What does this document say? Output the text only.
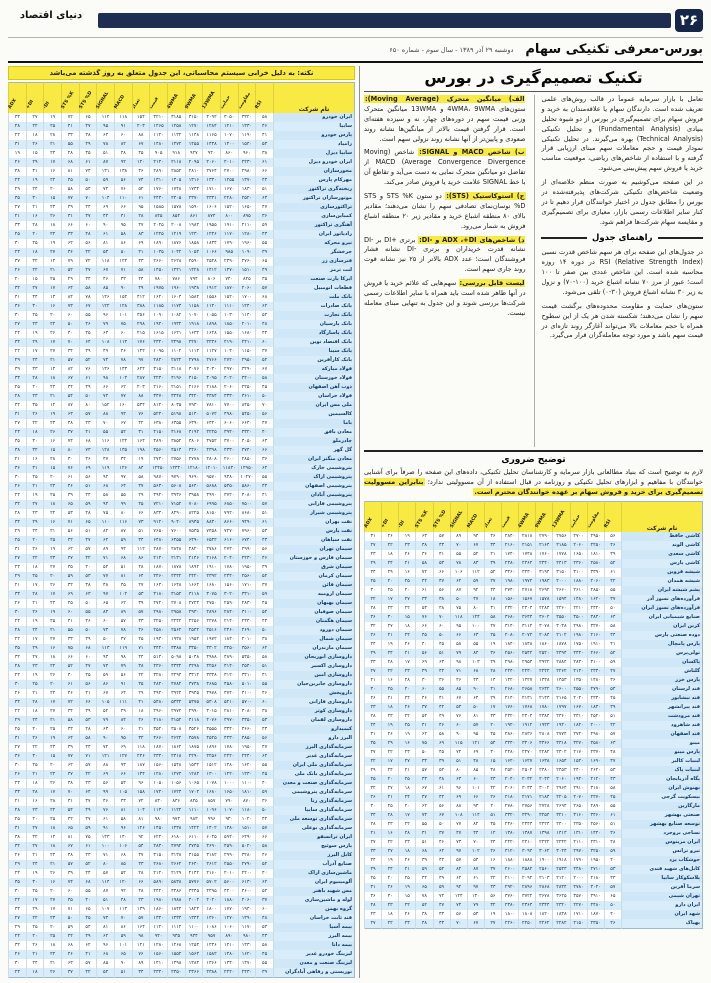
دنیای اقتصاد	۲۶
بورس-معرفی تکنیکی سهام
دوشنبه ۲۹ آذر ۱۳۸۹ - سال سوم - شماره ۶۵۰
نکته: به دلیل خرابی سیستم محاسباتی، این جدول متعلق به روز گذشته می‌باشد
ADX	+DI	-DI	STS %K	STS %D	SIGNAL	MACD	تعداد	قیمت	4WMA	9WMA	13WMA	حمایت	مقاومت	RSI	نام شرکت
۳۴	۲۷	۱۹	۷۲	۶۵	۱۱۲	۱۱۸	۱۵۴	۳۲۱۰	۳۱۸۵	۳۱۵۰	۳۰۹۲	۳۰۵۰	۳۳۲۰	۵۸	ایران خودرو
۲۸	۲۲	۲۵	۴۱	۴۷	۹۵	۹۱	۲۰۳	۱۲۶۵	۱۲۵۸	۱۲۷۰	۱۲۸۴	۱۲۱۰	۱۳۳۰	۴۶	سایپا
۲۲	۱۸	۲۸	۳۳	۳۸	۶۴	۶۰	۸۸	۱۱۲۰	۱۱۳۲	۱۱۴۸	۱۱۶۵	۱۰۷۰	۱۱۹۰	۴۱	پارس خودرو
۳۱	۲۶	۲۱	۵۵	۴۹	۷۸	۸۲	۶۷	۱۴۸۰	۱۴۷۲	۱۴۵۵	۱۴۳۸	۱۴۰۰	۱۵۴۰	۵۳	زامیاد
۱۹	۱۵	۲۴	۲۸	۳۵	۵۱	۴۸	۴۵	۹۰۵	۹۱۸	۹۲۷	۹۴۰	۸۶۰	۹۶۰	۳۸	سایپا دیزل
۲۶	۲۹	۱۷	۶۸	۶۱	۸۷	۹۲	۱۲۰	۲۱۴۰	۲۱۱۸	۲۰۹۵	۲۰۶۰	۲۰۱۰	۲۲۳۰	۶۱	ایران خودرو دیزل
۳۸	۳۱	۱۶	۸۱	۷۴	۱۳۱	۱۳۸	۳۶	۲۸۹۰	۲۸۵۲	۲۸۱۰	۲۷۶۴	۲۷۰۰	۲۹۸۰	۶۶	محورسازان
۲۴	۱۹	۲۲	۴۵	۵۰	۵۹	۵۶	۷۴	۱۳۱۰	۱۳۰۵	۱۳۱۶	۱۳۳۰	۱۲۵۵	۱۳۷۰	۴۴	مهرکام پارس
۲۹	۲۴	۲۰	۵۸	۵۴	۷۲	۷۶	۵۲	۱۷۶۰	۱۷۴۸	۱۷۳۲	۱۷۱۰	۱۶۷۰	۱۸۳۰	۵۱	ریخته‌گری تراکتور
۳۵	۳۰	۱۵	۷۷	۷۰	۱۰۴	۱۱۰	۶۱	۲۴۳۰	۲۴۰۵	۲۳۷۰	۲۳۳۱	۲۲۸۰	۲۵۲۰	۶۳	موتورسازان تراکتور
۲۷	۲۱	۲۳	۴۹	۴۴	۶۹	۶۶	۹۵	۱۵۸۵	۱۵۷۸	۱۵۹۰	۱۶۰۶	۱۵۲۰	۱۶۵۰	۴۷	تراکتورسازی
۲۱	۱۶	۲۶	۳۱	۳۷	۴۴	۴۱	۲۸	۸۴۵	۸۵۲	۸۶۱	۸۷۴	۸۰۰	۸۹۵	۳۶	کمباین‌سازی
۳۳	۲۸	۱۸	۶۶	۶۰	۹۰	۹۵	۴۷	۲۰۲۵	۲۰۰۸	۱۹۸۴	۱۹۵۵	۱۹۱۰	۲۱۱۰	۵۹	آهنگری تراکتور
۲۵	۲۰	۲۴	۴۳	۴۸	۶۱	۵۸	۸۳	۱۲۲۵	۱۲۱۹	۱۲۳۰	۱۲۴۶	۱۱۷۰	۱۲۸۰	۴۳	رادیاتور ایران
۳۰	۲۵	۱۹	۶۲	۵۶	۸۱	۸۶	۶۹	۱۸۹۰	۱۸۷۶	۱۸۵۸	۱۸۳۴	۱۷۹۰	۱۹۶۰	۵۵	نیرو محرکه
۲۳	۱۸	۲۷	۳۶	۴۲	۵۳	۵۰	۴۱	۱۰۳۵	۱۰۴۲	۱۰۵۲	۱۰۶۶	۹۸۵	۱۰۹۰	۳۹	چرخشگر
۳۷	۳۲	۱۴	۷۹	۷۲	۱۱۸	۱۲۴	۳۳	۲۶۶۰	۲۶۲۸	۲۵۹۰	۲۵۴۸	۲۴۹۰	۲۷۶۰	۶۵	فنرسازی زر
۲۶	۲۲	۲۱	۵۲	۴۷	۶۷	۷۱	۵۸	۱۴۵۰	۱۴۴۱	۱۴۲۸	۱۴۱۲	۱۳۷۰	۱۵۱۰	۴۹	لنت ترمز
۲۰	۱۵	۲۵	۲۹	۳۴	۴۶	۴۳	۲۴	۷۸۰	۷۸۶	۷۹۴	۸۰۶	۷۴۰	۸۲۵	۳۵	ایرکا پارت صنعت
۳۲	۲۷	۱۷	۶۴	۵۸	۸۵	۹۰	۴۹	۱۹۷۵	۱۹۶۰	۱۹۳۸	۱۹۱۲	۱۸۷۰	۲۰۶۰	۵۷	قطعات اتومبیل
۴۱	۳۴	۱۳	۸۴	۷۸	۱۴۶	۱۵۴	۴۱۲	۱۶۲۰	۱۶۰۴	۱۵۸۲	۱۵۵۶	۱۵۲۰	۱۷۰۰	۶۸	بانک ملت
۳۶	۳۰	۱۶	۷۳	۶۷	۱۲۲	۱۲۸	۳۸۸	۱۱۸۵	۱۱۷۴	۱۱۵۸	۱۱۴۰	۱۱۱۰	۱۲۴۰	۶۲	بانک صادرات
۳۰	۲۵	۲۰	۶۰	۵۵	۹۶	۱۰۱	۳۵۶	۱۰۹۰	۱۰۸۲	۱۰۷۰	۱۰۵۵	۱۰۳۰	۱۱۴۰	۵۴	بانک تجارت
۲۷	۲۳	۲۲	۵۰	۴۶	۷۹	۷۵	۲۹۸	۱۹۴۰	۱۹۳۲	۱۹۱۸	۱۸۹۸	۱۸۵۰	۲۰۱۰	۴۸	بانک پارسیان
۲۴	۱۹	۲۶	۴۰	۴۵	۶۳	۶۰	۲۱۵	۱۶۱۵	۱۶۲۱	۱۶۳۲	۱۶۴۸	۱۵۵۰	۱۶۸۰	۴۲	بانک پاسارگاد
۳۴	۲۹	۱۷	۷۰	۶۴	۱۰۸	۱۱۴	۱۷۶	۲۳۲۰	۲۲۹۸	۲۲۷۰	۲۲۳۶	۲۱۹۰	۲۴۱۰	۶۰	بانک اقتصاد نوین
۲۲	۱۷	۲۷	۳۴	۳۹	۴۹	۴۶	۱۴۲	۱۰۹۵	۱۱۰۲	۱۱۱۲	۱۱۲۷	۱۰۴۰	۱۱۵۰	۳۷	بانک سینا
۲۹	۲۴	۲۱	۵۷	۵۲	۷۴	۷۸	۹۷	۲۸۴۰	۲۸۲۲	۲۷۹۸	۲۷۶۶	۲۷۲۰	۲۹۵۰	۵۲	بانک کارآفرین
۳۹	۳۳	۱۴	۸۲	۷۶	۱۳۶	۱۴۳	۶۲۴	۳۱۵۰	۳۱۱۸	۳۰۷۶	۳۰۳۰	۲۹۷۰	۳۲۹۰	۶۷	فولاد مبارکه
۳۳	۲۸	۱۸	۶۷	۶۱	۹۸	۱۰۴	۲۸۷	۴۲۳۰	۴۱۹۶	۴۱۵۰	۴۰۹۵	۴۰۲۰	۴۴۰۰	۵۸	فولاد خوزستان
۲۵	۲۰	۲۴	۴۴	۴۹	۶۶	۶۲	۲۰۳	۲۱۶۰	۲۱۵۱	۲۱۶۶	۲۱۸۸	۲۰۶۰	۲۲۵۰	۴۵	ذوب آهن اصفهان
۲۸	۲۳	۲۱	۵۴	۵۰	۷۲	۷۷	۸۸	۳۴۷۰	۳۴۴۸	۳۴۲۰	۳۳۸۴	۳۳۳۰	۳۶۱۰	۵۰	فولاد خراسان
۴۲	۳۵	۱۲	۸۷	۸۰	۱۵۲	۱۶۰	۵۳۴	۸۱۲۰	۸۰۳۵	۷۹۳۰	۷۸۱۰	۷۷۰۰	۸۴۵۰	۷۰	ملی مس ایران
۳۱	۲۶	۱۹	۶۳	۵۷	۸۸	۹۳	۷۶	۵۲۴۰	۵۱۹۸	۵۱۴۰	۵۰۷۲	۴۹۸۰	۵۴۵۰	۵۶	کالسیمین
۲۷	۲۲	۲۳	۴۸	۴۳	۷۰	۶۷	۴۲	۶۳۸۰	۶۳۵۵	۶۳۹۰	۶۴۴۰	۶۰۶۰	۶۶۴۰	۴۷	باما
۲۳	۱۸	۲۶	۳۷	۴۱	۵۵	۵۲	۳۱	۴۱۵۰	۴۱۶۸	۴۱۹۲	۴۲۲۵	۳۹۴۰	۴۳۲۰	۴۰	معادن بافق
۳۵	۳۰	۱۶	۷۴	۶۸	۱۱۶	۱۲۲	۱۶۴	۳۸۹۰	۳۸۵۲	۳۸۰۶	۳۷۵۲	۳۷۰۰	۴۰۵۰	۶۳	چادرملو
۳۸	۳۲	۱۵	۸۰	۷۳	۱۲۸	۱۳۵	۱۹۸	۴۵۶۰	۴۵۱۴	۴۴۶۰	۴۳۹۸	۴۳۳۰	۴۷۴۰	۶۶	گل گهر
۲۱	۱۶	۲۸	۳۰	۳۶	۴۷	۴۴	۱۹	۲۷۴۰	۲۷۵۶	۲۷۷۸	۲۸۰۸	۲۶۰۰	۲۸۵۰	۳۶	معادن منگنز ایران
۳۶	۳۱	۱۵	۷۶	۶۹	۱۱۹	۱۲۶	۸۴	۱۲۴۵۰	۱۲۳۲۰	۱۲۱۸۰	۱۲۰۱۰	۱۱۸۳۰	۱۲۹۵۰	۶۴	پتروشیمی خارک
۳۰	۲۵	۲۰	۶۱	۵۶	۹۲	۹۷	۵۸	۹۸۷۰	۹۷۹۰	۹۶۹۰	۹۵۷۰	۹۳۸۰	۱۰۲۷۰	۵۵	پتروشیمی اراک
۲۶	۲۱	۲۴	۴۶	۵۱	۶۸	۶۴	۳۷	۵۶۳۰	۵۶۰۸	۵۶۴۰	۵۶۸۸	۵۳۵۰	۵۸۶۰	۴۴	پتروشیمی اصفهان
۲۴	۱۹	۲۵	۳۹	۴۴	۵۸	۵۵	۲۹	۳۹۲۰	۳۹۳۶	۳۹۵۸	۳۹۹۰	۳۷۲۰	۴۰۸۰	۴۱	پتروشیمی آبادان
۳۲	۲۷	۱۸	۶۵	۵۹	۹۴	۹۹	۴۵	۷۲۱۰	۷۱۵۲	۷۰۸۰	۶۹۹۵	۶۸۵۰	۷۵۰۰	۵۷	پتروشیمی فارابی
۲۸	۲۳	۲۲	۵۳	۴۸	۷۵	۸۰	۶۶	۸۳۴۰	۸۲۹۰	۸۲۲۵	۸۱۵۰	۷۹۲۰	۸۶۸۰	۵۱	پتروشیمی شیراز
۳۴	۲۹	۱۶	۷۱	۶۵	۱۱۰	۱۱۶	۷۳	۹۱۲۰	۹۰۴۰	۸۹۴۵	۸۸۳۰	۸۶۶۰	۹۴۹۰	۶۱	نفت بهران
۲۹	۲۴	۲۱	۵۶	۵۱	۸۲	۸۷	۵۱	۷۶۵۰	۷۶۰۰	۷۵۳۵	۷۴۵۸	۷۲۷۰	۷۹۶۰	۵۳	نفت پارس
۲۵	۲۰	۲۵	۴۲	۴۷	۶۲	۵۹	۳۴	۶۴۸۰	۶۴۵۵	۶۴۹۰	۶۵۴۲	۶۱۶۰	۶۷۴۰	۴۳	نفت سپاهان
۳۱	۲۶	۱۹	۶۲	۵۷	۸۹	۹۴	۱۱۲	۲۸۷۰	۲۸۴۸	۲۸۲۰	۲۷۸۶	۲۷۳۰	۲۹۹۰	۵۶	سیمان تهران
۲۷	۲۲	۲۳	۴۷	۴۲	۷۱	۶۸	۸۶	۲۱۴۰	۲۱۳۱	۲۱۴۶	۲۱۶۸	۲۰۴۰	۲۲۳۰	۴۶	سیمان فارس و خوزستان
۲۳	۱۸	۲۷	۳۵	۴۰	۵۴	۵۱	۴۸	۱۸۷۰	۱۸۷۸	۱۸۹۲	۱۹۱۰	۱۷۸۰	۱۹۵۰	۳۹	سیمان شرق
۲۹	۲۵	۲۰	۵۹	۵۳	۷۷	۸۱	۶۴	۲۴۶۰	۲۴۴۲	۲۴۲۰	۲۳۹۲	۲۳۴۰	۲۵۶۰	۵۲	سیمان کرمان
۲۱	۱۷	۲۶	۳۲	۳۸	۴۸	۴۵	۲۷	۱۶۴۰	۱۶۴۸	۱۶۶۲	۱۶۸۰	۱۵۶۰	۱۷۱۰	۳۷	سیمان قائن
۳۳	۲۸	۱۷	۶۹	۶۳	۹۷	۱۰۲	۵۳	۳۱۸۰	۳۱۵۲	۳۱۱۸	۳۰۷۵	۳۰۲۰	۳۳۱۰	۵۹	سیمان ارومیه
۲۶	۲۱	۲۴	۴۵	۵۰	۶۵	۶۲	۳۹	۲۷۲۰	۲۷۰۸	۲۷۲۴	۲۷۵۰	۲۵۹۰	۲۸۳۰	۴۵	سیمان بهبهان
۳۰	۲۶	۱۹	۶۰	۵۵	۸۴	۸۹	۵۷	۲۹۸۰	۲۹۵۸	۲۹۳۰	۲۸۹۶	۲۸۴۰	۳۱۰۰	۵۴	سیمان صوفیان
۲۴	۱۹	۲۵	۴۱	۴۶	۶۰	۵۷	۳۳	۲۲۵۰	۲۲۴۲	۲۲۵۶	۲۲۷۸	۲۱۴۰	۲۳۴۰	۴۲	سیمان هگمتان
۲۸	۲۴	۲۱	۵۵	۵۰	۷۳	۷۸	۴۶	۲۵۸۰	۲۵۶۲	۲۵۴۲	۲۵۱۶	۲۴۶۰	۲۶۹۰	۵۰	سیمان دورود
۲۲	۱۷	۲۷	۳۳	۳۹	۵۰	۴۷	۲۵	۱۹۳۰	۱۹۳۸	۱۹۵۲	۱۹۷۲	۱۸۴۰	۲۰۱۰	۳۸	سیمان شمال
۳۵	۲۹	۱۶	۷۵	۶۸	۱۱۳	۱۱۹	۷۱	۳۴۲۰	۳۳۸۸	۳۳۵۰	۳۳۰۲	۳۲۵۰	۳۵۶۰	۶۲	سیمان مازندران
۳۲	۲۷	۱۸	۶۶	۶۰	۹۳	۹۸	۴۴	۵۱۴۰	۵۰۹۸	۵۰۴۸	۴۹۸۸	۴۸۹۰	۵۳۵۰	۵۸	داروسازی ابوریحان
۲۸	۲۳	۲۲	۵۲	۴۷	۷۴	۷۹	۳۸	۴۳۶۰	۴۳۳۲	۴۲۹۸	۴۲۵۶	۴۱۴۰	۴۵۴۰	۵۱	داروسازی اکسیر
۲۴	۱۹	۲۶	۴۰	۴۵	۵۹	۵۶	۲۲	۳۲۸۰	۳۲۹۴	۳۳۱۲	۳۳۳۸	۳۱۲۰	۳۴۱۰	۴۱	داروسازی امین
۳۰	۲۵	۲۰	۶۱	۵۶	۸۶	۹۱	۳۵	۴۸۲۰	۴۷۸۲	۴۷۳۸	۴۶۸۵	۴۵۸۰	۵۰۱۰	۵۵	داروسازی جابربن‌حیان
۲۶	۲۱	۲۴	۴۶	۴۱	۶۷	۶۴	۲۹	۳۹۴۰	۳۹۲۴	۳۹۴۵	۳۹۷۸	۳۷۴۰	۴۱۰۰	۴۶	داروپخش
۳۴	۲۸	۱۷	۷۲	۶۶	۱۰۵	۱۱۱	۴۱	۵۴۸۰	۵۴۳۲	۵۳۷۵	۵۳۰۸	۵۲۱۰	۵۷۰۰	۶۰	داروسازی فارابی
۲۲	۱۸	۲۷	۳۴	۳۹	۵۲	۴۹	۱۸	۲۹۶۰	۲۹۷۲	۲۹۹۰	۳۰۱۵	۲۸۱۰	۳۰۸۰	۳۸	داروسازی کوثر
۲۹	۲۴	۲۱	۵۸	۵۳	۷۹	۸۴	۲۶	۴۱۸۰	۴۱۵۲	۴۱۱۸	۴۰۷۶	۳۹۷۰	۴۳۵۰	۵۳	داروسازی لقمان
۲۵	۲۰	۲۵	۴۳	۴۸	۶۳	۶۰	۲۱	۳۵۲۰	۳۵۰۸	۳۵۲۶	۳۵۵۵	۳۳۴۰	۳۶۶۰	۴۳	کیمیدارو
۳۱	۲۶	۱۹	۶۴	۵۸	۹۰	۹۵	۳۲	۴۶۶۰	۴۶۲۲	۴۵۷۸	۴۵۲۵	۴۴۳۰	۴۸۵۰	۵۶	البرز دارو
۲۷	۲۲	۲۳	۴۹	۴۴	۷۲	۶۹	۱۱۸	۱۸۷۰	۱۸۶۲	۱۸۷۵	۱۸۹۶	۱۷۸۰	۱۹۵۰	۴۷	سرمایه‌گذاری البرز
۳۶	۳۰	۱۵	۷۷	۷۱	۱۲۱	۱۲۷	۲۴۶	۲۳۴۰	۲۳۱۸	۲۲۹۰	۲۲۵۶	۲۲۲۰	۲۴۴۰	۶۴	سرمایه‌گذاری غدیر
۳۰	۲۵	۲۰	۶۲	۵۷	۸۸	۹۳	۱۸۷	۱۵۶۰	۱۵۴۸	۱۵۳۲	۱۵۱۲	۱۴۸۰	۱۶۲۰	۵۵	سرمایه‌گذاری ملی ایران
۲۶	۲۱	۲۴	۴۷	۴۲	۶۹	۶۶	۱۳۴	۱۲۸۰	۱۲۷۴	۱۲۸۴	۱۳۰۰	۱۲۲۰	۱۳۳۰	۴۵	سرمایه‌گذاری بانک ملی
۲۳	۱۸	۲۶	۳۸	۴۳	۵۶	۵۳	۹۶	۱۰۵۰	۱۰۵۶	۱۰۶۵	۱۰۷۸	۱۰۰۰	۱۱۰۰	۴۰	سرمایه‌گذاری صنعت و معدن
۳۳	۲۸	۱۷	۷۰	۶۴	۹۹	۱۰۵	۱۵۸	۱۷۴۰	۱۷۲۴	۱۷۰۴	۱۶۸۰	۱۶۵۰	۱۸۱۰	۵۹	سرمایه‌گذاری پتروشیمی
۲۱	۱۶	۲۸	۳۱	۳۷	۴۶	۴۳	۷۲	۸۳۰	۸۳۶	۸۴۵	۸۵۷	۷۹۰	۸۷۰	۳۶	سرمایه‌گذاری رنا
۲۸	۲۳	۲۲	۵۴	۴۹	۷۶	۸۱	۱۰۴	۱۱۳۰	۱۱۲۲	۱۱۱۰	۱۰۹۶	۱۰۷۰	۱۱۸۰	۵۰	سرمایه‌گذاری سایپا
۲۵	۲۰	۲۵	۴۲	۴۷	۶۱	۵۸	۸۱	۹۸۰	۹۷۴	۹۸۳	۹۹۶	۹۳۰	۱۰۲۰	۴۲	سرمایه‌گذاری توسعه ملی
۳۱	۲۷	۱۸	۶۵	۵۹	۹۱	۹۶	۱۲۶	۱۴۵۰	۱۴۳۸	۱۴۲۲	۱۴۰۲	۱۳۸۰	۱۵۱۰	۵۷	سرمایه‌گذاری بوعلی
۳۸	۳۲	۱۴	۸۱	۷۵	۱۳۳	۱۴۰	۹۲	۶۲۴۰	۶۱۸۰	۶۱۱۰	۶۰۲۵	۵۹۴۰	۶۴۹۰	۶۶	ایران ترانسفو
۳۲	۲۷	۱۸	۶۷	۶۱	۱۰۰	۱۰۶	۵۴	۴۸۳۰	۴۷۹۲	۴۷۴۵	۴۶۹۰	۴۵۹۰	۵۰۲۰	۵۸	پارس سوئیچ
۲۶	۲۱	۲۴	۴۸	۴۳	۷۱	۶۸	۳۷	۳۱۵۰	۳۱۳۸	۳۱۵۵	۳۱۸۲	۲۹۹۰	۳۲۸۰	۴۶	کابل البرز
۲۹	۲۴	۲۱	۵۷	۵۲	۸۰	۸۵	۴۳	۲۶۸۰	۲۶۶۲	۲۶۴۰	۲۶۱۲	۲۵۵۰	۲۷۹۰	۵۲	صنایع آذرآب
۲۴	۱۹	۲۶	۳۹	۴۴	۵۷	۵۴	۲۸	۲۱۲۰	۲۱۲۹	۲۱۴۲	۲۱۶۰	۲۰۱۰	۲۲۰۰	۴۰	ماشین‌سازی اراک
۳۵	۳۰	۱۶	۷۴	۶۸	۱۱۴	۱۲۰	۶۶	۵۸۹۰	۵۸۳۸	۵۷۷۶	۵۷۰۲	۵۶۰۰	۶۱۳۰	۶۲	آلومینیوم ایران
۳۰	۲۵	۲۰	۶۰	۵۵	۸۷	۹۲	۴۸	۴۴۲۰	۴۳۸۶	۴۳۴۵	۴۲۹۵	۴۲۰۰	۴۶۰۰	۵۴	مس شهید باهنر
۲۲	۱۷	۲۷	۳۵	۴۰	۵۱	۴۸	۲۳	۱۹۸۰	۱۹۸۸	۲۰۰۲	۲۰۲۰	۱۸۸۰	۲۰۶۰	۳۷	لوله و ماشین‌سازی
۳۴	۲۹	۱۷	۷۱	۶۵	۱۰۷	۱۱۳	۱۳۹	۱۸۶۰	۱۸۴۴	۱۸۲۴	۱۸۰۰	۱۷۷۰	۱۹۴۰	۶۰	گروه بهمن
۲۷	۲۲	۲۳	۵۰	۴۵	۷۳	۷۰	۵۷	۱۳۴۰	۱۳۳۴	۱۳۴۴	۱۳۶۰	۱۲۷۰	۱۳۹۰	۴۸	قند ثابت خراسان
۲۹	۲۵	۲۰	۵۹	۵۴	۸۱	۸۶	۱۶۴	۱۱۲۰	۱۱۱۲	۱۱۰۰	۱۰۸۶	۱۰۶۰	۱۱۷۰	۵۳	بیمه آسیا
۲۴	۲۰	۲۵	۴۴	۴۹	۶۲	۵۹	۹۸	۹۴۰	۹۳۵	۹۴۴	۹۵۷	۸۹۰	۹۸۰	۴۳	بیمه البرز
۳۲	۲۶	۱۸	۶۸	۶۲	۹۶	۱۰۱	۱۲۱	۱۲۸۰	۱۲۶۸	۱۲۵۴	۱۲۳۶	۱۲۱۰	۱۳۳۰	۵۸	بیمه دانا
۲۶	۲۱	۲۴	۴۶	۴۱	۶۸	۶۵	۷۶	۱۵۶۰	۱۵۵۲	۱۵۶۴	۱۵۸۲	۱۴۸۰	۱۶۲۰	۴۵	لیزینگ خودرو غدیر
۳۰	۲۴	۲۱	۶۳	۵۷	۸۵	۹۰	۸۹	۱۴۱۰	۱۳۹۸	۱۳۸۴	۱۳۶۶	۱۳۴۰	۱۴۷۰	۵۵	لیزینگ صنعت و معدن
۲۳	۱۸	۲۶	۳۷	۴۲	۵۴	۵۱	۳۴	۲۳۴۰	۲۳۵۰	۲۳۶۶	۲۳۸۸	۲۲۲۰	۲۴۳۰	۳۹	توریستی و رفاهی آبادگران
تکنیک تصمیم‌گیری در بورس

تعامل با بازار سرمایه عموماً در قالب روش‌های علمی تعریف شده است. دارندگان سهام یا علاقه‌مندان به خرید و فروش سهام برای تصمیم‌گیری در بورس از دو شیوه تحلیل بنیادی (Fundamental Analysis) و تحلیل تکنیکی (Technical Analysis) بهره می‌گیرند. در تحلیل تکنیکی نمودار قیمت و حجم معاملات سهم مبنای ارزیابی قرار گرفته و با استفاده از شاخص‌های ریاضی، موقعیت مناسب خرید یا فروش سهم پیش‌بینی می‌شود.

در این صفحه می‌کوشیم به صورت منظم خلاصه‌ای از وضعیت شاخص‌های تکنیکی شرکت‌های پذیرفته‌شده در بورس را مطابق جدول در اختیار خوانندگان قرار دهیم تا در کنار سایر اطلاعات رسمی بازار، معیاری برای تصمیم‌گیری و مقایسه سهام شرکت‌ها فراهم شود.

راهنمای جدول

در جدول‌های این صفحه برای هر سهم شاخص قدرت نسبی (Relative Strength Index) RSI در دوره ۱۴ روزه محاسبه شده است. این شاخص عددی بین صفر تا ۱۰۰ است؛ عبور از مرز ۷۰ نشانه اشباع خرید (۱۰۰-۷۰) و نزول به زیر ۳۰ نشانه اشباع فروش (۳۰-۰) تلقی می‌شود.

ستون‌های حمایت و مقاومت محدوده‌های برگشت قیمت سهم را نشان می‌دهند؛ شکسته شدن هر یک از این سطوح همراه با حجم معاملات بالا می‌تواند آغازگر روند تازه‌ای در قیمت سهم باشد و مورد توجه معامله‌گران قرار می‌گیرد.

الف) میانگین متحرک (Moving Average): ستون‌های 4WMA، 9WMA و 13WMA میانگین متحرک وزنی قیمت سهم در دوره‌های چهار، نه و سیزده هفته‌ای است. قرار گرفتن قیمت بالاتر از میانگین‌ها نشانه روند صعودی و پایین‌تر از آنها نشانه روند نزولی سهم است.

ب) شاخص MACD و SIGNAL: شاخص (Moving Average Convergence Divergence) MACD از تفاضل دو میانگین متحرک نمایی به دست می‌آید و تقاطع آن با خط SIGNAL علامت خرید یا فروش صادر می‌کند.

ج) استوکاستیک (STS): دو ستون STS %K و STS %D نوسان‌نمای تصادفی سهم را نشان می‌دهند؛ مقادیر بالای ۸۰ منطقه اشباع خرید و مقادیر زیر ۲۰ منطقه اشباع فروش به شمار می‌رود.

د) شاخص‌های ADX ،+DI و -DI: برتری +DI بر -DI نشانه قدرت خریداران و برتری -DI نشانه فشار فروشندگان است؛ عدد ADX بالاتر از ۲۵ نیز نشانه قوت روند جاری سهم است.

لیست قابل بررسی: سهم‌هایی که علائم خرید یا فروش در آنها ظاهر شده است باید همراه با سایر اطلاعات رسمی شرکت‌ها بررسی شوند و این جدول به تنهایی مبنای معامله نیست.

توضیح ضروری

لازم به توضیح است که بنیاد مطالعاتی بازار سرمایه و کارشناسان تحلیل تکنیکی، داده‌های این صفحه را صرفاً برای آشنایی خوانندگان با مفاهیم و ابزارهای تحلیل تکنیکی و روزنامه در قبال استفاده از آن مسوولیتی ندارد؛ بنابراین مسوولیت تصمیم‌گیری برای خرید و فروش سهام بر عهده خوانندگان محترم است.

ADX	+DI	-DI	STS %K	STS %D	SIGNAL	MACD	تعداد	قیمت	4WMA	9WMA	13WMA	حمایت	مقاومت	RSI	نام شرکت
۳۱	۲۶	۱۹	۶۳	۵۷	۸۹	۹۴	۴۶	۲۸۴۰	۲۸۱۸	۲۷۹۰	۲۷۵۶	۲۷۰۰	۲۹۵۰	۵۶	کاشی حافظ
۲۷	۲۲	۲۳	۴۸	۴۳	۷۰	۶۷	۳۴	۲۱۶۰	۲۱۵۱	۲۱۶۴	۲۱۸۵	۲۰۶۰	۲۲۵۰	۴۶	کاشی الوند
۲۳	۱۸	۲۶	۳۶	۴۱	۵۵	۵۲	۲۱	۱۷۴۰	۱۷۴۸	۱۷۶۰	۱۷۷۸	۱۶۵۰	۱۸۱۰	۳۹	کاشی سعدی
۲۹	۲۴	۲۱	۵۸	۵۳	۷۸	۸۳	۳۹	۲۴۸۰	۲۴۶۲	۲۴۴۰	۲۴۱۳	۲۳۶۰	۲۵۸۰	۵۲	کاشی پارس
۳۴	۲۹	۱۶	۷۲	۶۶	۱۰۶	۱۱۲	۵۲	۳۲۶۰	۳۲۳۰	۳۱۹۴	۳۱۵۰	۳۱۰۰	۳۳۹۰	۶۱	شیشه قزوین
۲۵	۲۰	۲۵	۴۲	۴۷	۶۲	۵۹	۲۷	۱۹۸۰	۱۹۷۲	۱۹۸۳	۲۰۰۰	۱۸۸۰	۲۰۶۰	۴۲	شیشه همدان
۳۰	۲۵	۲۰	۶۱	۵۶	۸۷	۹۲	۴۴	۲۷۴۰	۲۷۱۸	۲۶۹۲	۲۶۶۰	۲۶۱۰	۲۸۵۰	۵۵	پشم شیشه ایران
۲۲	۱۷	۲۷	۳۳	۳۸	۵۰	۴۷	۱۸	۱۵۶۰	۱۵۶۷	۱۵۷۸	۱۵۹۴	۱۴۸۰	۱۶۲۰	۳۷	فرآورده‌های نسوز آذر
۲۸	۲۳	۲۲	۵۳	۴۸	۷۵	۸۰	۳۱	۲۳۲۰	۲۳۰۴	۲۲۸۴	۲۲۶۰	۲۲۱۰	۲۴۲۰	۵۰	فرآورده‌های نسوز ایران
۳۶	۳۰	۱۵	۷۶	۷۰	۱۱۸	۱۲۴	۵۸	۳۶۸۰	۳۶۴۴	۳۶۰۲	۳۵۵۰	۳۵۰۰	۳۸۳۰	۶۴	صنایع شیمیایی ایران
۳۲	۲۷	۱۸	۶۶	۶۰	۹۵	۱۰۰	۴۷	۳۱۴۰	۳۱۱۲	۳۰۷۸	۳۰۳۸	۲۹۸۰	۳۲۷۰	۵۸	کربن ایران
۲۶	۲۱	۲۴	۴۵	۵۰	۶۶	۶۳	۲۵	۲۰۸۰	۲۰۷۲	۲۰۸۴	۲۱۰۲	۱۹۸۰	۲۱۶۰	۴۴	دوده صنعتی پارس
۲۴	۱۹	۲۶	۴۰	۴۵	۵۸	۵۵	۱۹	۱۸۴۰	۱۸۴۸	۱۸۶۰	۱۸۷۸	۱۷۵۰	۱۹۱۰	۴۱	پارس پامچال
۲۹	۲۴	۲۱	۵۶	۵۱	۷۹	۸۴	۳۶	۲۵۶۰	۲۵۴۲	۲۵۲۰	۲۴۹۴	۲۴۴۰	۲۶۶۰	۵۲	تولی‌پرس
۳۳	۲۸	۱۷	۶۹	۶۳	۹۸	۱۰۳	۴۹	۲۹۸۰	۲۹۵۴	۲۹۲۲	۲۸۸۴	۲۸۳۰	۳۱۰۰	۵۹	پاکسان
۲۷	۲۲	۲۳	۴۹	۴۴	۷۱	۶۸	۲۸	۲۲۴۰	۲۲۳۰	۲۲۴۲	۲۲۶۲	۲۱۳۰	۲۳۳۰	۴۷	گلتاش
۲۱	۱۶	۲۸	۳۰	۳۶	۴۶	۴۳	۱۴	۱۴۲۰	۱۴۲۷	۱۴۳۸	۱۴۵۳	۱۳۵۰	۱۴۸۰	۳۶	پارس خزر
۳۰	۲۵	۲۰	۶۰	۵۵	۸۵	۹۰	۴۱	۲۶۸۰	۲۶۵۸	۲۶۳۲	۲۶۰۰	۲۵۵۰	۲۷۹۰	۵۴	قند لرستان
۲۶	۲۱	۲۴	۴۶	۴۱	۶۷	۶۴	۲۹	۲۱۴۰	۲۱۳۱	۲۱۴۴	۲۱۶۵	۲۰۴۰	۲۲۳۰	۴۵	قند نیشابور
۲۳	۱۸	۲۶	۳۷	۴۲	۵۳	۵۰	۱۷	۱۷۶۰	۱۷۶۸	۱۷۸۰	۱۷۹۷	۱۶۷۰	۱۸۳۰	۳۹	قند پیرانشهر
۲۸	۲۳	۲۲	۵۴	۴۹	۷۶	۸۱	۳۳	۲۴۲۰	۲۴۰۴	۲۳۸۴	۲۳۶۰	۲۳۱۰	۲۵۲۰	۵۱	قند مرودشت
۲۴	۱۹	۲۵	۴۱	۴۶	۶۰	۵۷	۲۰	۱۹۲۰	۱۹۱۲	۱۹۲۳	۱۹۴۰	۱۸۲۰	۲۰۰۰	۴۲	قند شاهرود
۳۱	۲۶	۱۹	۶۴	۵۸	۹۰	۹۵	۴۵	۲۸۶۰	۲۸۳۶	۲۸۰۸	۲۷۷۴	۲۷۲۰	۲۹۸۰	۵۷	قند اصفهان
۳۵	۲۹	۱۶	۷۵	۶۹	۱۱۵	۱۲۱	۵۴	۳۴۴۰	۳۴۰۶	۳۳۶۶	۳۳۱۸	۳۲۷۰	۳۵۸۰	۶۳	مینو
۲۷	۲۲	۲۳	۵۰	۴۵	۷۲	۶۹	۳۰	۲۲۸۰	۲۲۷۰	۲۲۸۲	۲۳۰۲	۲۱۷۰	۲۳۷۰	۴۸	پارس مینو
۲۲	۱۷	۲۷	۳۴	۳۹	۵۱	۴۸	۱۵	۱۶۲۰	۱۶۲۷	۱۶۳۸	۱۶۵۴	۱۵۴۰	۱۶۹۰	۳۷	لبنیات کالبر
۲۹	۲۴	۲۱	۵۷	۵۲	۸۰	۸۵	۳۸	۲۵۲۰	۲۵۰۲	۲۴۸۰	۲۴۵۳	۲۴۰۰	۲۶۲۰	۵۳	لبنیات پاک
۲۵	۲۰	۲۵	۴۳	۴۸	۶۳	۶۰	۲۳	۲۰۴۰	۲۰۳۲	۲۰۴۳	۲۰۶۰	۱۹۴۰	۲۱۲۰	۴۳	پگاه آذربایجان
۳۲	۲۷	۱۸	۶۷	۶۱	۹۶	۱۰۱	۴۲	۳۰۶۰	۳۰۳۴	۳۰۰۲	۲۹۶۴	۲۹۱۰	۳۱۸۰	۵۸	بهنوش ایران
۲۶	۲۱	۲۴	۴۷	۴۲	۶۹	۶۶	۲۶	۲۱۸۰	۲۱۷۱	۲۱۸۴	۲۲۰۵	۲۰۷۰	۲۲۷۰	۴۵	بیسکویت گرجی
۳۰	۲۵	۲۰	۶۲	۵۶	۸۸	۹۳	۴۰	۲۷۸۰	۲۷۵۶	۲۷۲۸	۲۶۹۴	۲۶۵۰	۲۸۹۰	۵۵	مارگارین
۳۴	۲۸	۱۷	۷۳	۶۷	۱۰۸	۱۱۴	۵۱	۳۳۲۰	۳۲۹۰	۳۲۵۴	۳۲۱۰	۳۱۶۰	۳۴۶۰	۶۱	صنعتی بهشهر
۲۸	۲۳	۲۲	۵۵	۵۰	۷۷	۸۲	۳۵	۲۴۶۰	۲۴۴۴	۲۴۲۴	۲۴۰۰	۲۳۵۰	۲۵۶۰	۵۱	توسعه صنایع بهشهر
۲۱	۱۶	۲۸	۳۱	۳۷	۴۷	۴۴	۱۲	۱۳۸۰	۱۳۸۷	۱۳۹۸	۱۴۱۳	۱۳۱۰	۱۴۴۰	۳۶	نساجی بروجرد
۲۷	۲۲	۲۳	۵۱	۴۶	۷۳	۷۰	۲۴	۲۲۲۰	۲۲۱۰	۲۲۲۲	۲۲۴۲	۲۱۱۰	۲۳۱۰	۴۸	ایران مرینوس
۳۳	۲۷	۱۸	۶۸	۶۲	۹۷	۱۰۲	۴۶	۳۱۲۰	۳۰۹۴	۳۰۶۲	۳۰۲۴	۲۹۷۰	۳۲۵۰	۵۹	نیرو ترانس
۲۴	۱۹	۲۶	۳۹	۴۴	۵۷	۵۴	۱۶	۱۸۸۰	۱۸۸۸	۱۹۰۰	۱۹۱۸	۱۷۹۰	۱۹۵۰	۴۰	جوشکاب یزد
۲۹	۲۴	۲۱	۵۹	۵۴	۸۲	۸۷	۳۷	۲۶۰۰	۲۵۸۲	۲۵۶۰	۲۵۳۳	۲۴۸۰	۲۷۱۰	۵۳	کابل‌های شهید قندی
۲۵	۲۰	۲۵	۴۴	۴۹	۶۴	۶۱	۲۲	۲۱۰۰	۲۰۹۲	۲۱۰۳	۲۱۲۰	۲۰۰۰	۲۱۸۰	۴۳	پلاسکوکار سایپا
۳۱	۲۶	۱۹	۶۵	۵۹	۹۲	۹۷	۴۳	۲۹۲۰	۲۸۹۶	۲۸۶۸	۲۸۳۴	۲۷۸۰	۳۰۴۰	۵۷	سرما آفرین
۳۶	۳۰	۱۵	۷۸	۷۲	۱۲۴	۱۳۰	۵۶	۳۷۶۰	۳۷۲۲	۳۶۷۸	۳۶۲۵	۳۵۷۰	۳۹۱۰	۶۵	تهران شیمی
۲۸	۲۳	۲۲	۵۲	۴۷	۷۴	۷۹	۳۲	۲۳۸۰	۲۳۶۴	۲۳۴۴	۲۳۲۰	۲۲۷۰	۲۴۸۰	۵۰	ایران دارو
۲۳	۱۸	۲۶	۳۸	۴۳	۵۶	۵۳	۱۹	۱۸۰۰	۱۸۰۸	۱۸۲۰	۱۸۳۸	۱۷۱۰	۱۸۷۰	۴۰	شهد ایران
۲۷	۲۲	۲۳	۴۸	۴۳	۷۰	۶۷	۲۷	۲۲۶۰	۲۲۵۰	۲۲۶۲	۲۲۸۲	۲۱۵۰	۲۳۵۰	۴۶	بهپاک
